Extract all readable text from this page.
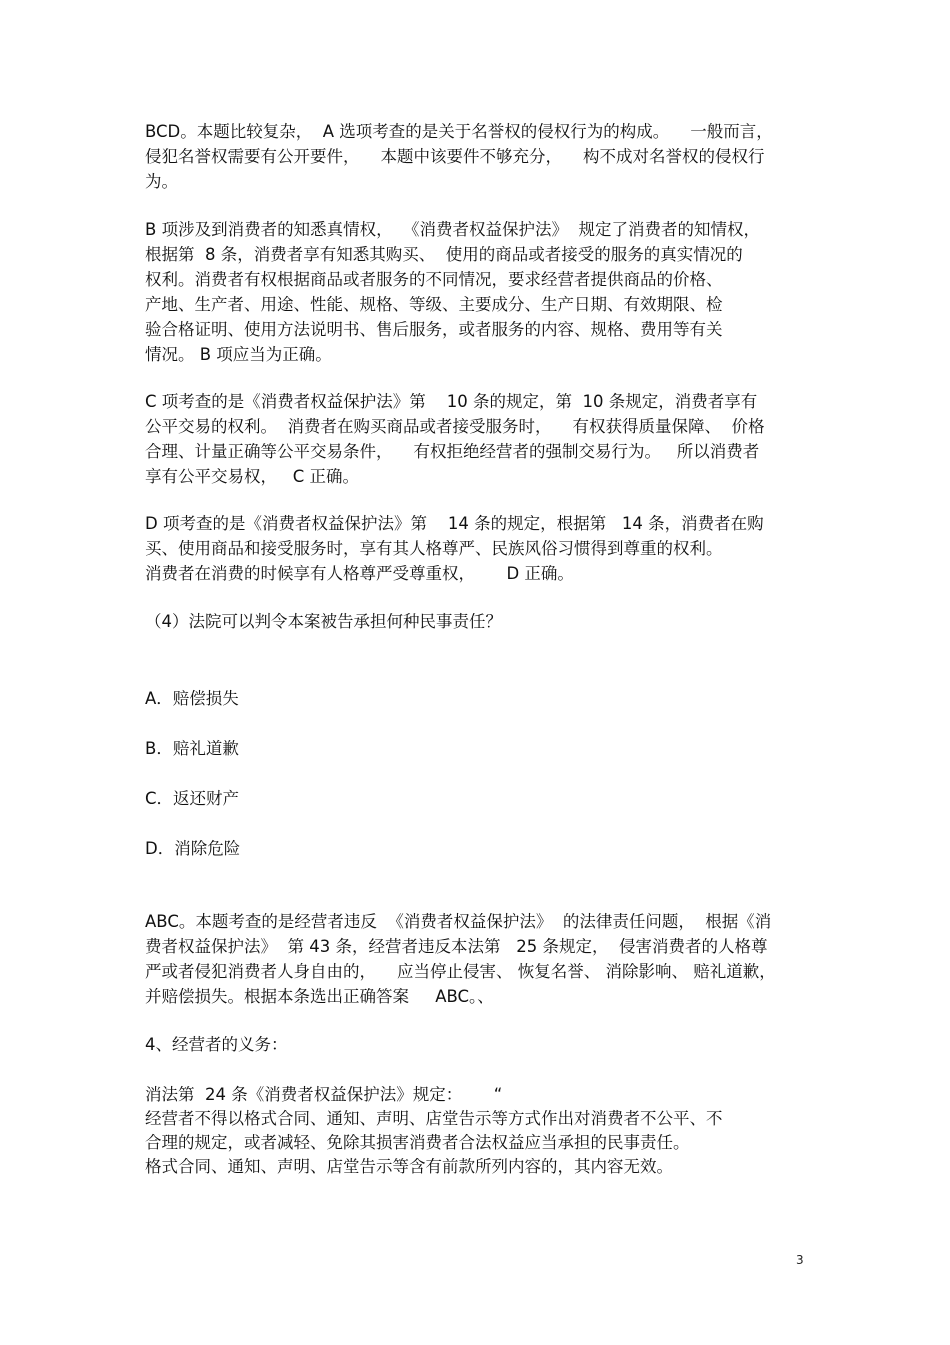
BCD。本题比较复杂，  A 选项考查的是关于名誉权的侵权行为的构成。    一般而言，
侵犯名誉权需要有公开要件，    本题中该要件不够充分，    构不成对名誉权的侵权行
为。
B 项涉及到消费者的知悉真情权，  《消费者权益保护法》  规定了消费者的知情权，
根据第  8 条，消费者享有知悉其购买、  使用的商品或者接受的服务的真实情况的
权利。消费者有权根据商品或者服务的不同情况，要求经营者提供商品的价格、
产地、生产者、用途、性能、规格、等级、主要成分、生产日期、有效期限、检
验合格证明、使用方法说明书、售后服务，或者服务的内容、规格、费用等有关
情况。 B 项应当为正确。
C 项考查的是《消费者权益保护法》第    10 条的规定，第  10 条规定，消费者享有
公平交易的权利。  消费者在购买商品或者接受服务时，    有权获得质量保障、  价格
合理、计量正确等公平交易条件，    有权拒绝经营者的强制交易行为。   所以消费者
享有公平交易权，   C 正确。
D 项考查的是《消费者权益保护法》第    14 条的规定，根据第   14 条，消费者在购
买、使用商品和接受服务时，享有其人格尊严、民族风俗习惯得到尊重的权利。
消费者在消费的时候享有人格尊严受尊重权，      D 正确。
（4）法院可以判令本案被告承担何种民事责任？
A．赔偿损失
B．赔礼道歉
C．返还财产
D．消除危险
ABC。本题考查的是经营者违反  《消费者权益保护法》  的法律责任问题，  根据《消
费者权益保护法》  第 43 条，经营者违反本法第   25 条规定，  侵害消费者的人格尊
严或者侵犯消费者人身自由的，    应当停止侵害、 恢复名誉、 消除影响、 赔礼道歉，
并赔偿损失。根据本条选出正确答案     ABC。、
4、经营者的义务：
消法第  24 条《消费者权益保护法》规定：      “
经营者不得以格式合同、通知、声明、店堂告示等方式作出对消费者不公平、不
合理的规定，或者减轻、免除其损害消费者合法权益应当承担的民事责任。
格式合同、通知、声明、店堂告示等含有前款所列内容的，其内容无效。
3
